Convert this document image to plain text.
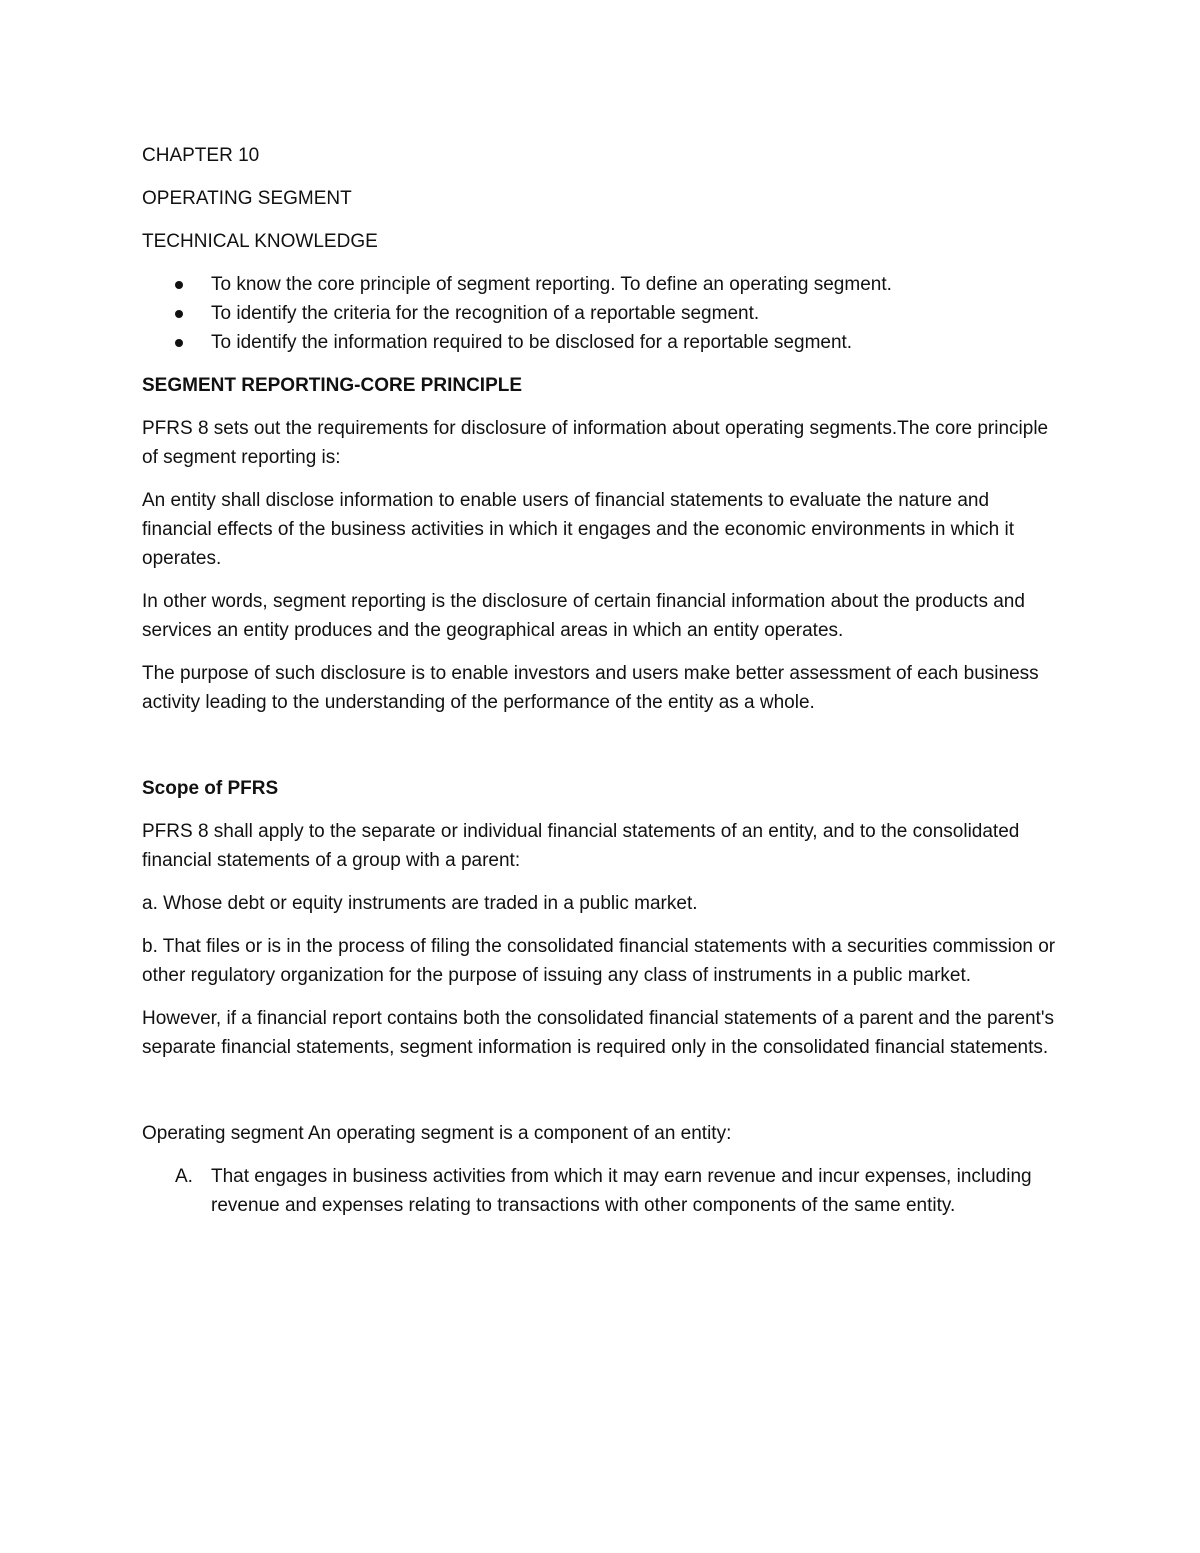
CHAPTER 10
OPERATING SEGMENT
TECHNICAL KNOWLEDGE
To know the core principle of segment reporting. To define an operating segment.
To identify the criteria for the recognition of a reportable segment.
To identify the information required to be disclosed for a reportable segment.
SEGMENT REPORTING-CORE PRINCIPLE

PFRS 8 sets out the requirements for disclosure of information about operating segments.The core principle of segment reporting is:

An entity shall disclose information to enable users of financial statements to evaluate the nature and financial effects of the business activities in which it engages and the economic environments in which it operates.

In other words, segment reporting is the disclosure of certain financial information about the products and services an entity produces and the geographical areas in which an entity operates.

The purpose of such disclosure is to enable investors and users make better assessment of each business activity leading to the understanding of the performance of the entity as a whole.

Scope of PFRS

PFRS 8 shall apply to the separate or individual financial statements of an entity, and to the consolidated financial statements of a group with a parent:

a. Whose debt or equity instruments are traded in a public market.

b. That files or is in the process of filing the consolidated financial statements with a securities commission or other regulatory organization for the purpose of issuing any class of instruments in a public market.

However, if a financial report contains both the consolidated financial statements of a parent and the parent's separate financial statements, segment information is required only in the consolidated financial statements.

Operating segment An operating segment is a component of an entity:

A. That engages in business activities from which it may earn revenue and incur expenses, including revenue and expenses relating to transactions with other components of the same entity.
